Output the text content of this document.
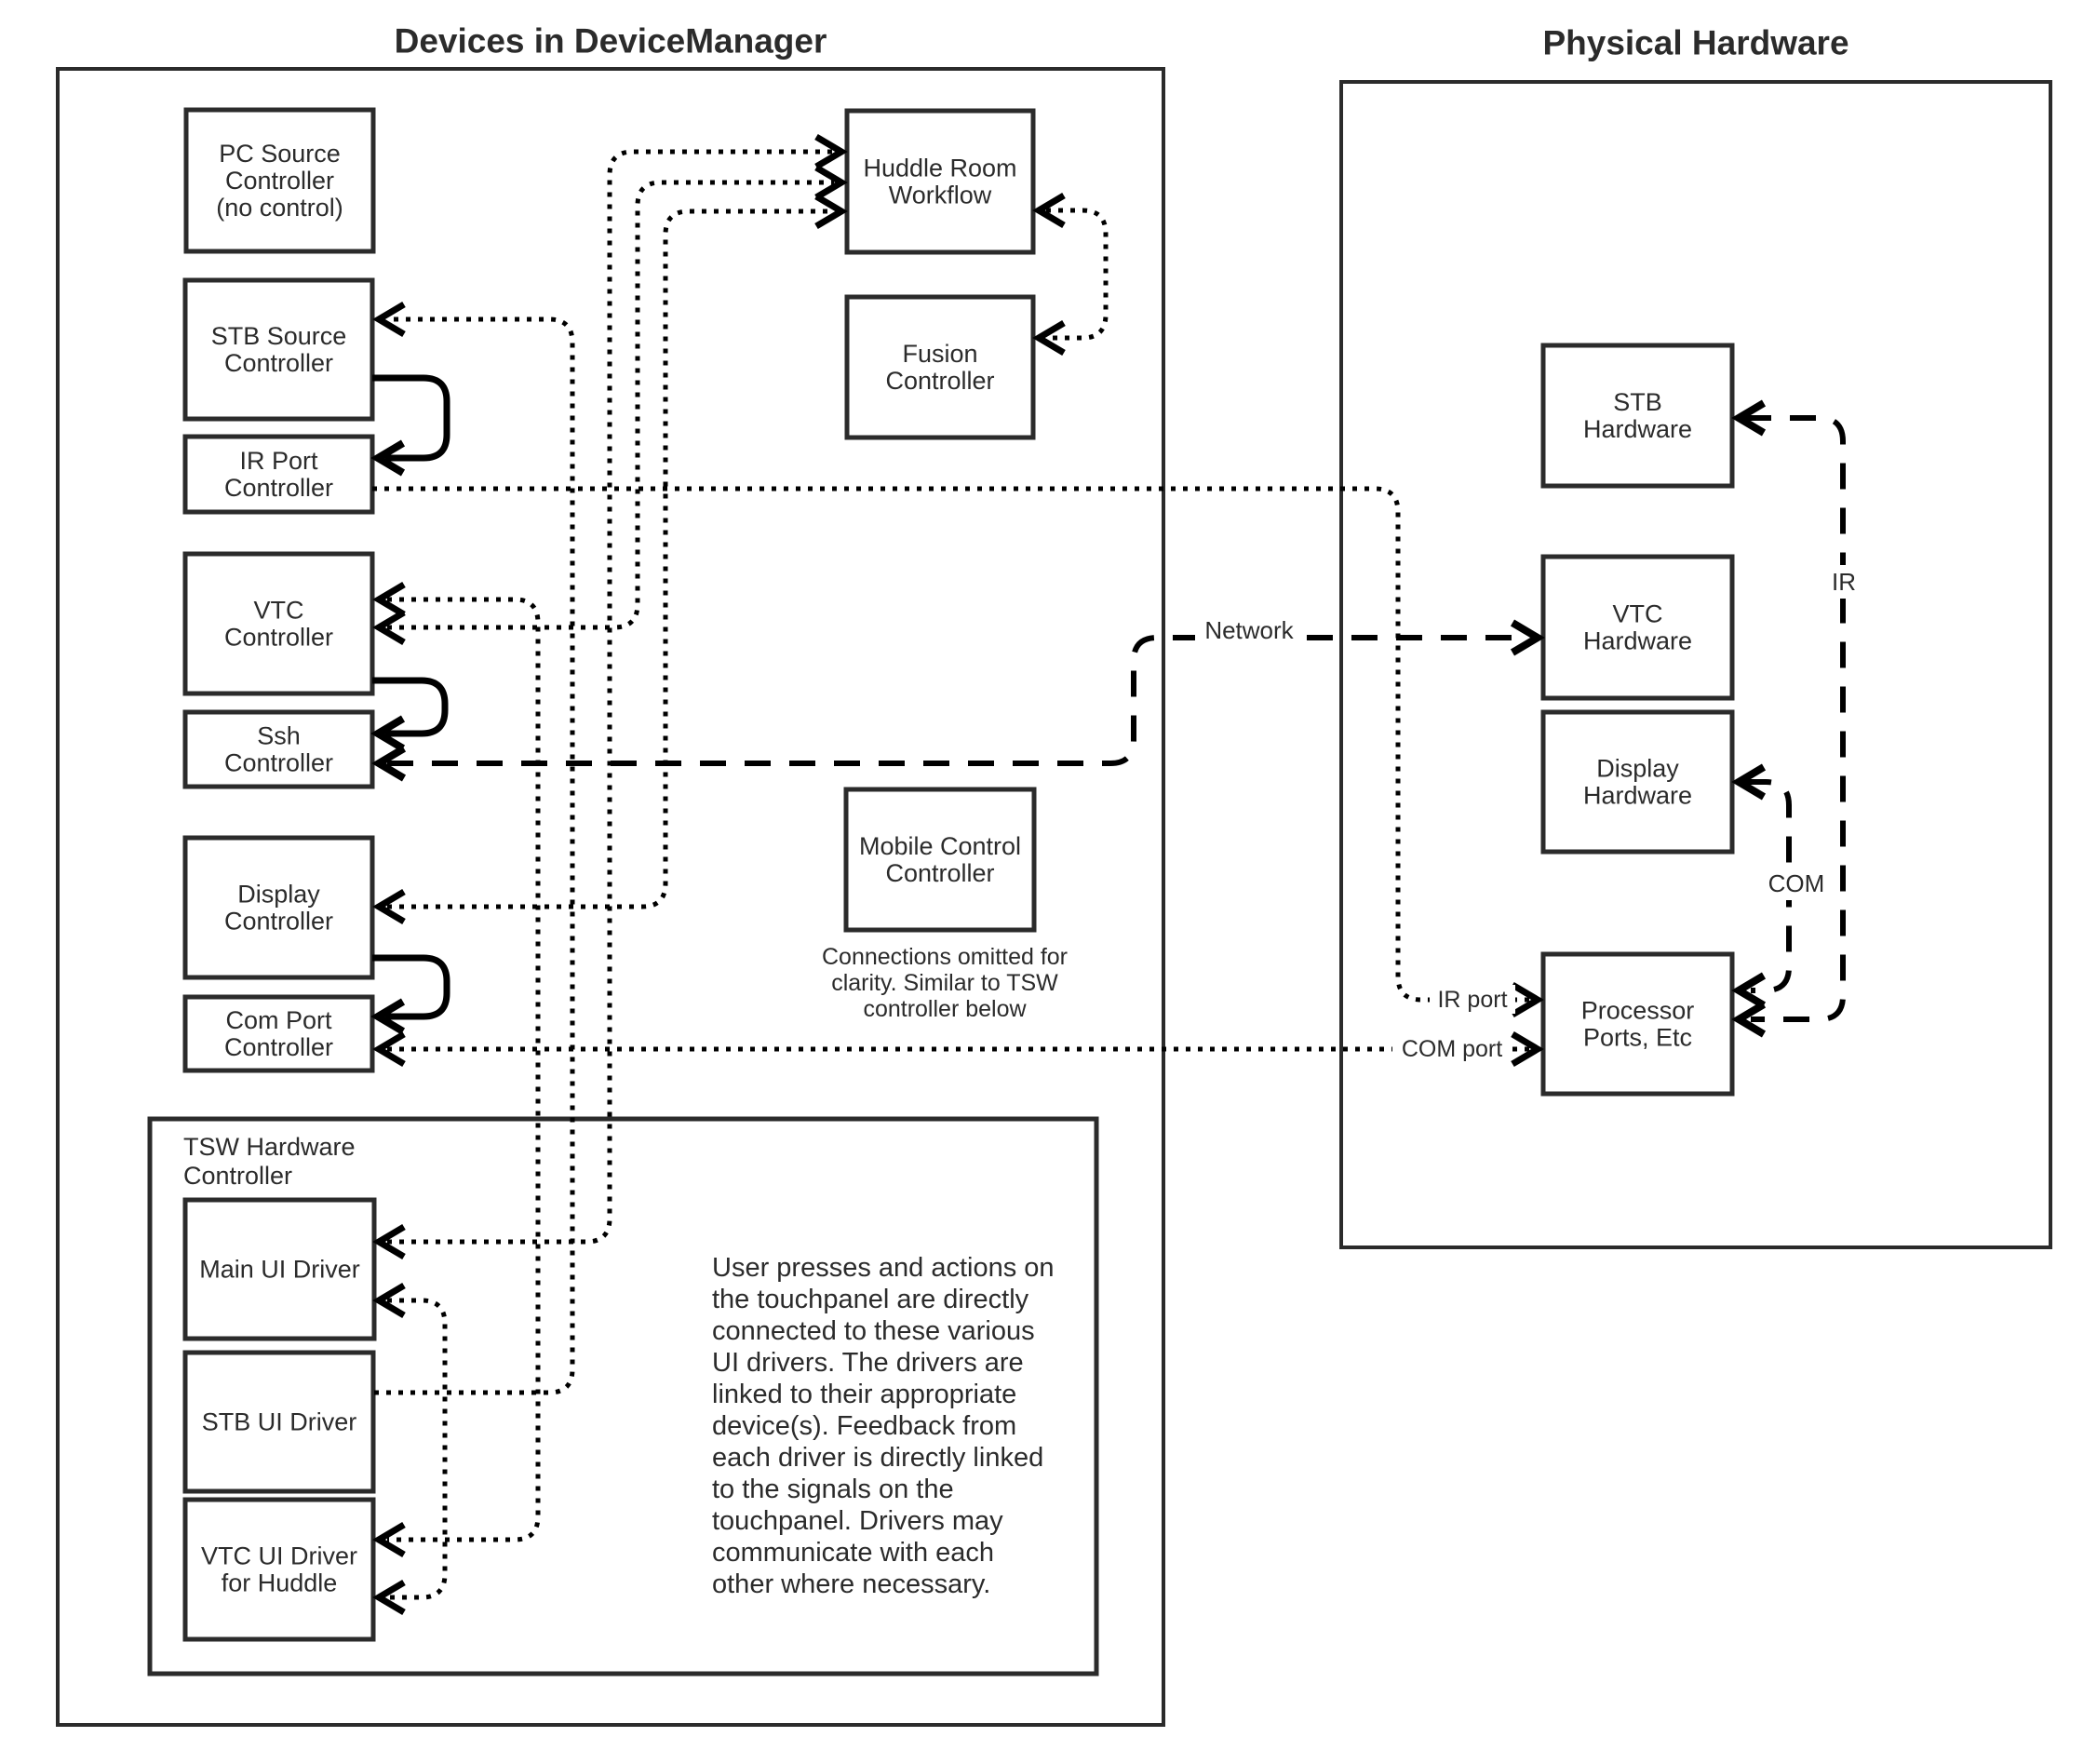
Devices in DeviceManager	Physical Hardware
TSW Hardware
Controller
PC Source
Controller
(no control)
STB Source
Controller
IR Port
Controller
VTC
Controller
Ssh
Controller
Display
Controller
Com Port
Controller
Main UI Driver
STB UI Driver
VTC UI Driver
for Huddle
Huddle Room
Workflow
Fusion
Controller
Mobile Control
Controller
STB
Hardware
VTC
Hardware
Display
Hardware
Processor
Ports, Etc
IR port
COM port
Network
IR
COM
Connections omitted for
clarity. Similar to TSW
controller below
User presses and actions on
the touchpanel are directly
connected to these various
UI drivers. The drivers are
linked to their appropriate
device(s). Feedback from
each driver is directly linked
to the signals on the
touchpanel. Drivers may
communicate with each
other where necessary.
